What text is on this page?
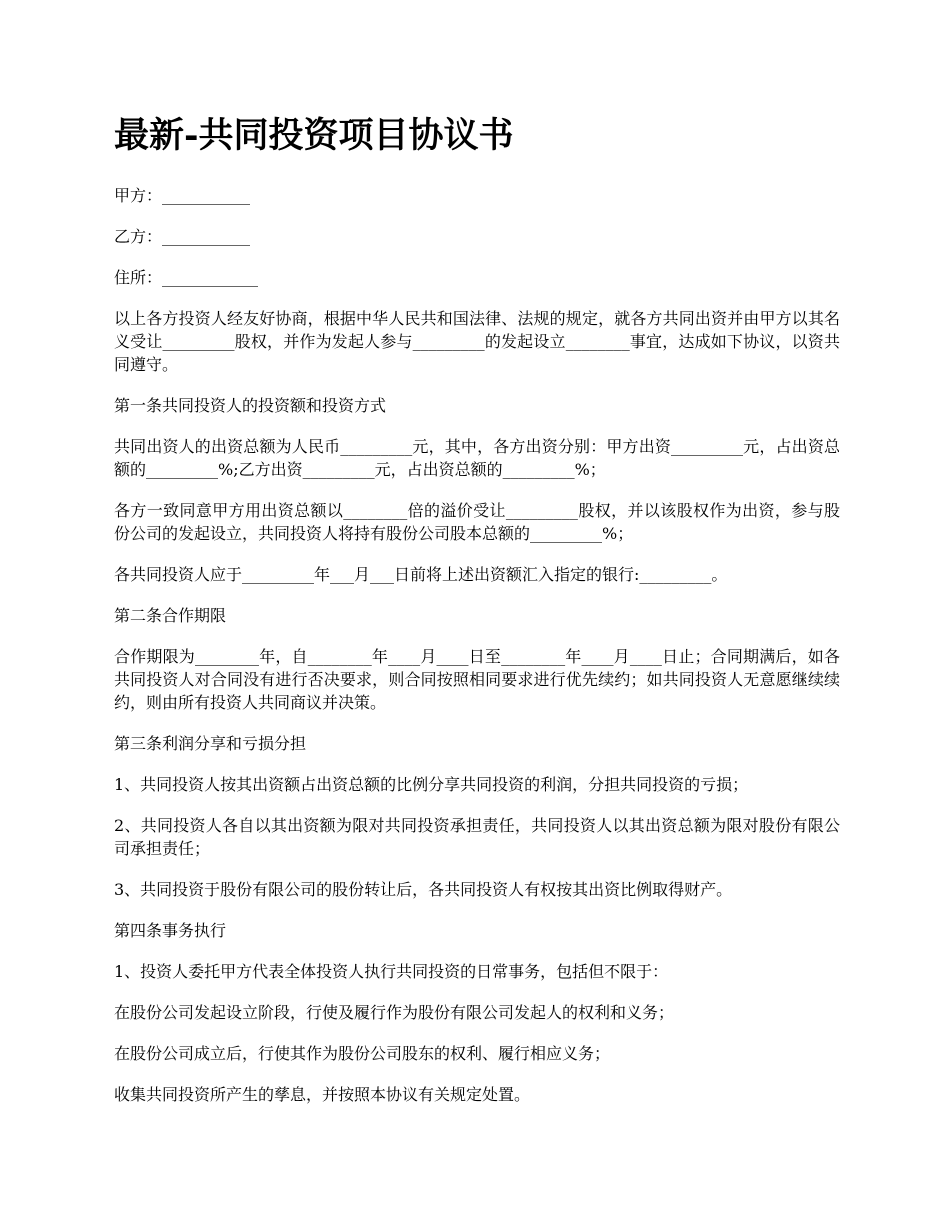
最新-共同投资项目协议书

甲方：___________

乙方：___________

住所：____________

以上各方投资人经友好协商，根据中华人民共和国法律、法规的规定，就各方共同出资并由甲方以其名义受让_________股权，并作为发起人参与_________的发起设立________事宜，达成如下协议，以资共同遵守。

第一条共同投资人的投资额和投资方式

共同出资人的出资总额为人民币_________元，其中，各方出资分别：甲方出资_________元，占出资总额的_________%;乙方出资_________元，占出资总额的_________%；

各方一致同意甲方用出资总额以________倍的溢价受让_________股权，并以该股权作为出资，参与股份公司的发起设立，共同投资人将持有股份公司股本总额的_________%；

各共同投资人应于_________年___月___日前将上述出资额汇入指定的银行:_________。

第二条合作期限

合作期限为________年，自________年____月____日至________年____月____日止；合同期满后，如各共同投资人对合同没有进行否决要求，则合同按照相同要求进行优先续约；如共同投资人无意愿继续续约，则由所有投资人共同商议并决策。

第三条利润分享和亏损分担

1、共同投资人按其出资额占出资总额的比例分享共同投资的利润，分担共同投资的亏损；

2、共同投资人各自以其出资额为限对共同投资承担责任，共同投资人以其出资总额为限对股份有限公司承担责任；

3、共同投资于股份有限公司的股份转让后，各共同投资人有权按其出资比例取得财产。

第四条事务执行

1、投资人委托甲方代表全体投资人执行共同投资的日常事务，包括但不限于：

在股份公司发起设立阶段，行使及履行作为股份有限公司发起人的权利和义务；

在股份公司成立后，行使其作为股份公司股东的权利、履行相应义务；

收集共同投资所产生的孳息，并按照本协议有关规定处置。
